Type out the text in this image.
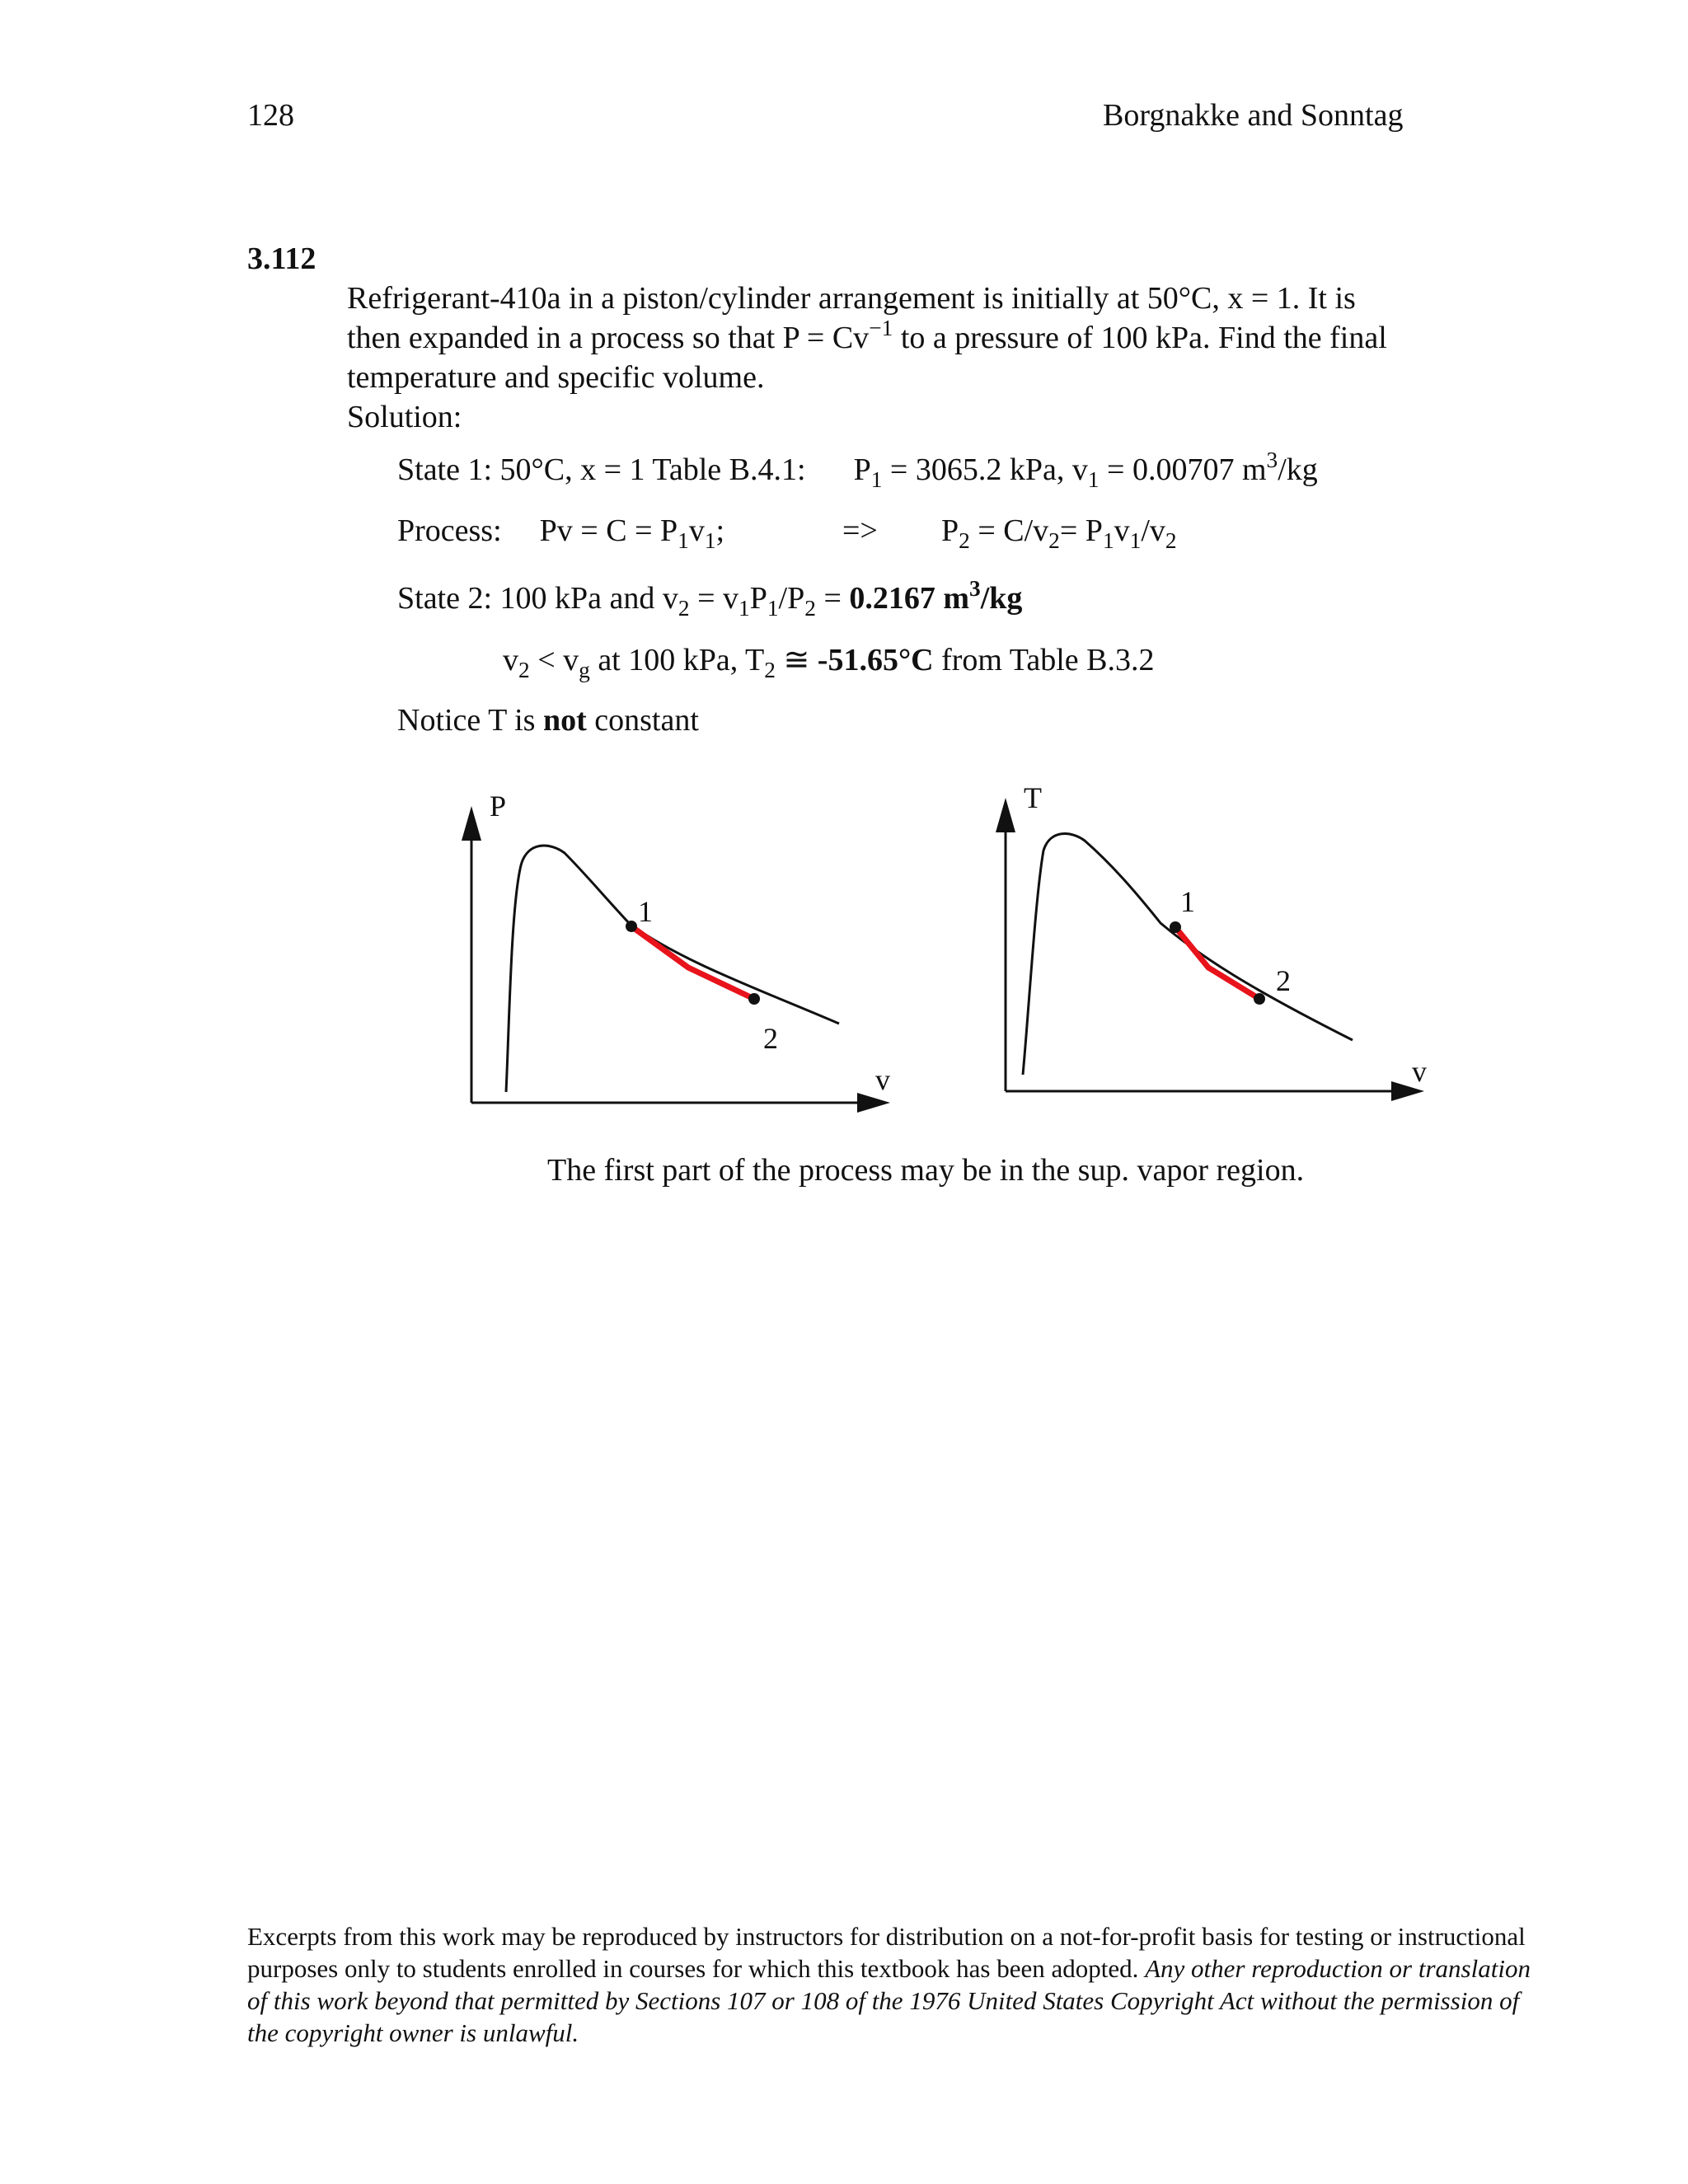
128	Borgnakke and Sonntag
3.112
Refrigerant-410a in a piston/cylinder arrangement is initially at 50°C, x = 1. It is
then expanded in a process so that $P = Cv^{-1}$ to a pressure of 100 kPa. Find the final
temperature and specific volume.
Solution:
State 1: 50°C, x = 1 Table B.4.1: $P_1 = 3065.2$ kPa, $v_1 = 0.00707$ $m^3/kg$
Process: $Pv = C = P_1v_1$;	=> $P_2 = C/v_2= P_1v_1/v_2$
State 2: 100 kPa and $v_2 = v_1P_1/P_2 = 0.2167$ $m^3/kg$
$v_2 < v_g$ at 100 kPa, $T_2$ ≅ -51.65°C from Table B.3.2
Notice T is not constant
P
v
1
2
T
v
1
2
The first part of the process may be in the sup. vapor region.
Excerpts from this work may be reproduced by instructors for distribution on a not-for-profit basis for testing or instructional purposes only to students enrolled in courses for which this textbook has been adopted. Any other reproduction or translation of this work beyond that permitted by Sections 107 or 108 of the 1976 United States Copyright Act without the permission of the copyright owner is unlawful.
